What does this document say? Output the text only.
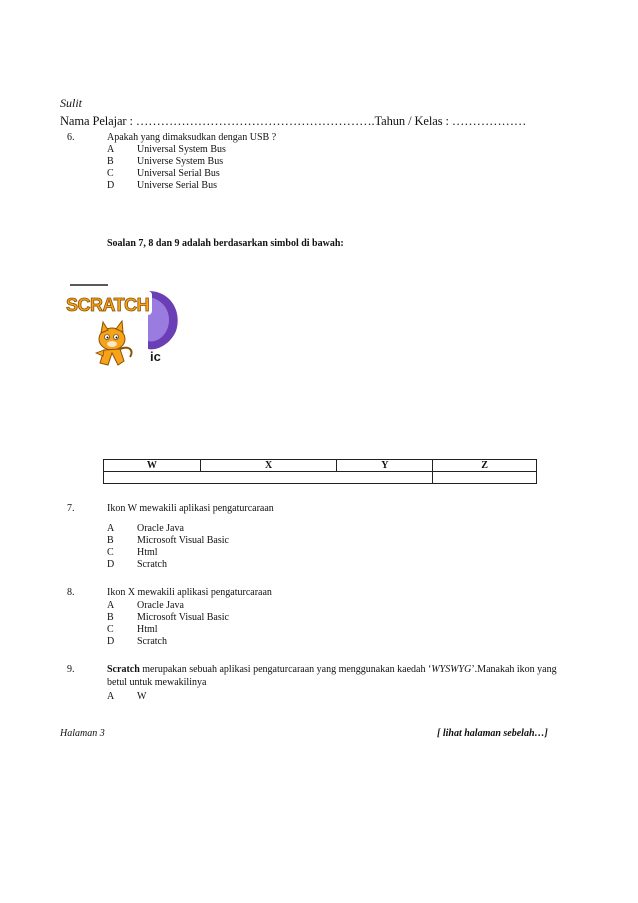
Sulit
Nama Pelajar : ………………………………………………….Tahun / Kelas : ………………
6.	Apakah yang dimaksudkan dengan USB ?
A Universal System Bus
B Universe System Bus
C Universal Serial Bus
D Universe Serial Bus
Soalan 7, 8 dan 9 adalah berdasarkan simbol di bawah:
ic
SCRATCH
W	X	Y	Z

7.	Ikon W mewakili aplikasi pengaturcaraan
A Oracle Java
B Microsoft Visual Basic
C Html
D Scratch
8.	Ikon X mewakili aplikasi pengaturcaraan
A Oracle Java
B Microsoft Visual Basic
C Html
D Scratch
9.	Scratch merupakan sebuah aplikasi pengaturcaraan yang menggunakan kaedah ‘WYSWYG’.Manakah ikon yang betul untuk mewakilinya
A W
Halaman 3	[ lihat halaman sebelah…]
